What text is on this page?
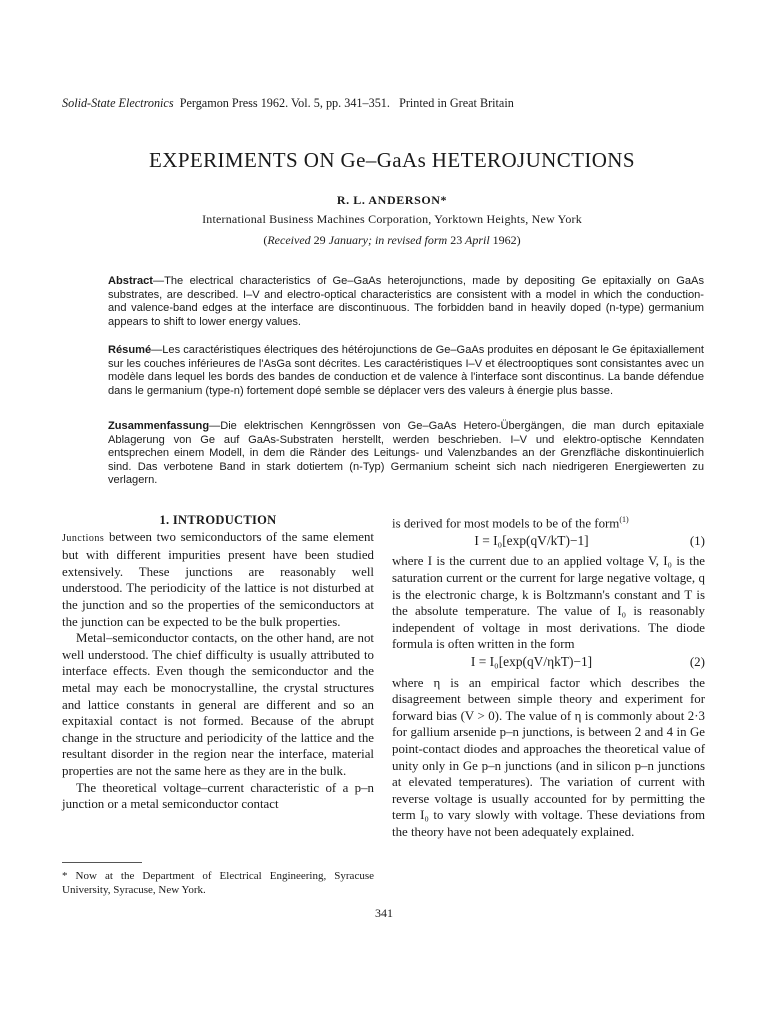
Solid-State Electronics Pergamon Press 1962. Vol. 5, pp. 341–351. Printed in Great Britain
EXPERIMENTS ON Ge–GaAs HETEROJUNCTIONS
R. L. ANDERSON*
International Business Machines Corporation, Yorktown Heights, New York
(Received 29 January; in revised form 23 April 1962)
Abstract—The electrical characteristics of Ge–GaAs heterojunctions, made by depositing Ge epitaxially on GaAs substrates, are described. I–V and electro-optical characteristics are consistent with a model in which the conduction- and valence-band edges at the interface are discontinuous. The forbidden band in heavily doped (n-type) germanium appears to shift to lower energy values.
Résumé—Les caractéristiques électriques des hétérojunctions de Ge–GaAs produites en déposant le Ge épitaxiallement sur les couches inférieures de l'AsGa sont décrites. Les caractéristiques I–V et électrooptiques sont consistantes avec un modèle dans lequel les bords des bandes de conduction et de valence à l'interface sont discontinus. La bande défendue dans le germanium (type-n) fortement dopé semble se déplacer vers des valeurs à énergie plus basse.
Zusammenfassung—Die elektrischen Kenngrössen von Ge–GaAs Hetero-Übergängen, die man durch epitaxiale Ablagerung von Ge auf GaAs-Substraten herstellt, werden beschrieben. I–V und elektro-optische Kenndaten entsprechen einem Modell, in dem die Ränder des Leitungs- und Valenzbandes an der Grenzfläche diskontinuierlich sind. Das verbotene Band in stark dotiertem (n-Typ) Germanium scheint sich nach niedrigeren Energiewerten zu verlagern.
1. INTRODUCTION

Junctions between two semiconductors of the same element but with different impurities present have been studied extensively. These junctions are reasonably well understood. The periodicity of the lattice is not disturbed at the junction and so the properties of the semiconductors at the junction can be expected to be the bulk properties.

Metal–semiconductor contacts, on the other hand, are not well understood. The chief difficulty is usually attributed to interface effects. Even though the semiconductor and the metal may each be monocrystalline, the crystal structures and lattice constants in general are different and so an expitaxial contact is not formed. Because of the abrupt change in the structure and periodicity of the lattice and the resultant disorder in the region near the interface, material properties are not the same here as they are in the bulk.

The theoretical voltage–current characteristic of a p–n junction or a metal semiconductor contact

is derived for most models to be of the form$^{(1)}$

I = I₀[exp(qV/kT)−1]	(1)

where I is the current due to an applied voltage V, I₀ is the saturation current or the current for large negative voltage, q is the electronic charge, k is Boltzmann's constant and T is the absolute temperature. The value of I₀ is reasonably independent of voltage in most derivations. The diode formula is often written in the form

I = I₀[exp(qV/ηkT)−1]	(2)

where η is an empirical factor which describes the disagreement between simple theory and experiment for forward bias (V > 0). The value of η is commonly about 2·3 for gallium arsenide p–n junctions, is between 2 and 4 in Ge point-contact diodes and approaches the theoretical value of unity only in Ge p–n junctions (and in silicon p–n junctions at elevated temperatures). The variation of current with reverse voltage is usually accounted for by permitting the term I₀ to vary slowly with voltage. These deviations from the theory have not been adequately explained.

* Now at the Department of Electrical Engineering, Syracuse University, Syracuse, New York.
341
